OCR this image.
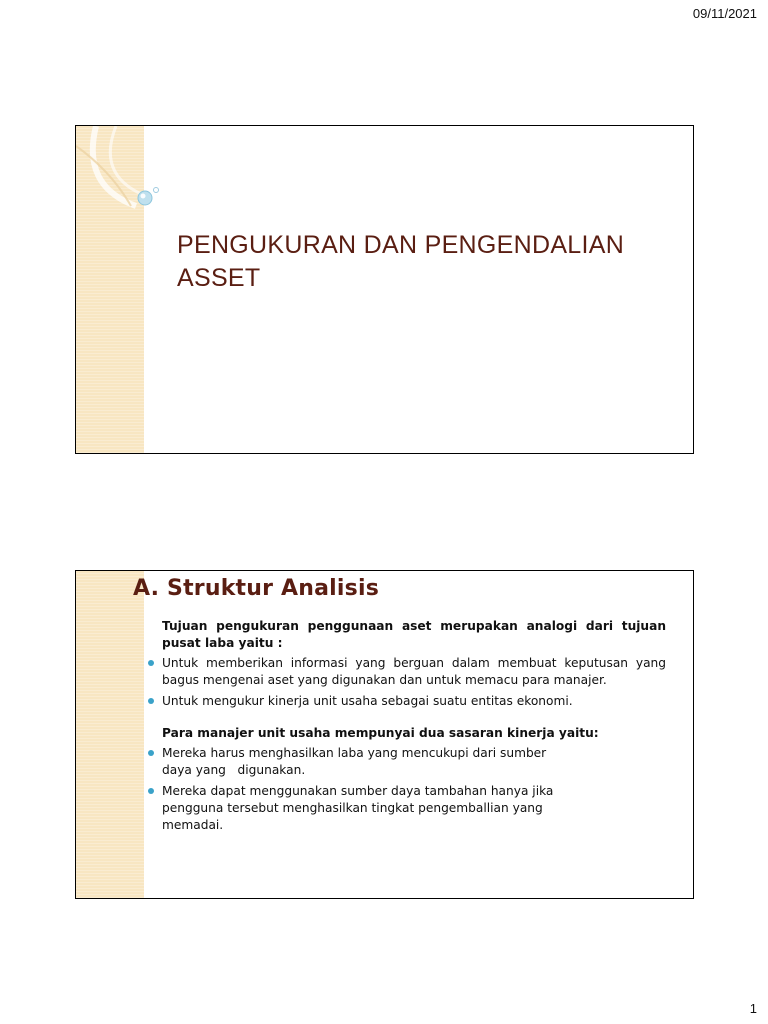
09/11/2021
PENGUKURAN DAN PENGENDALIAN
ASSET
A. Struktur Analisis

Tujuan pengukuran penggunaan aset merupakan analogi dari tujuan pusat laba yaitu :

Untuk memberikan informasi yang berguan dalam membuat keputusan yang bagus mengenai aset yang digunakan dan untuk memacu para manajer.
Untuk mengukur kinerja unit usaha sebagai suatu entitas ekonomi.

Para manajer unit usaha mempunyai dua sasaran kinerja yaitu:

Mereka harus menghasilkan laba yang mencukupi dari sumber daya yang   digunakan.
Mereka dapat menggunakan sumber daya tambahan hanya jika pengguna tersebut menghasilkan tingkat pengemballian yang memadai.
1
